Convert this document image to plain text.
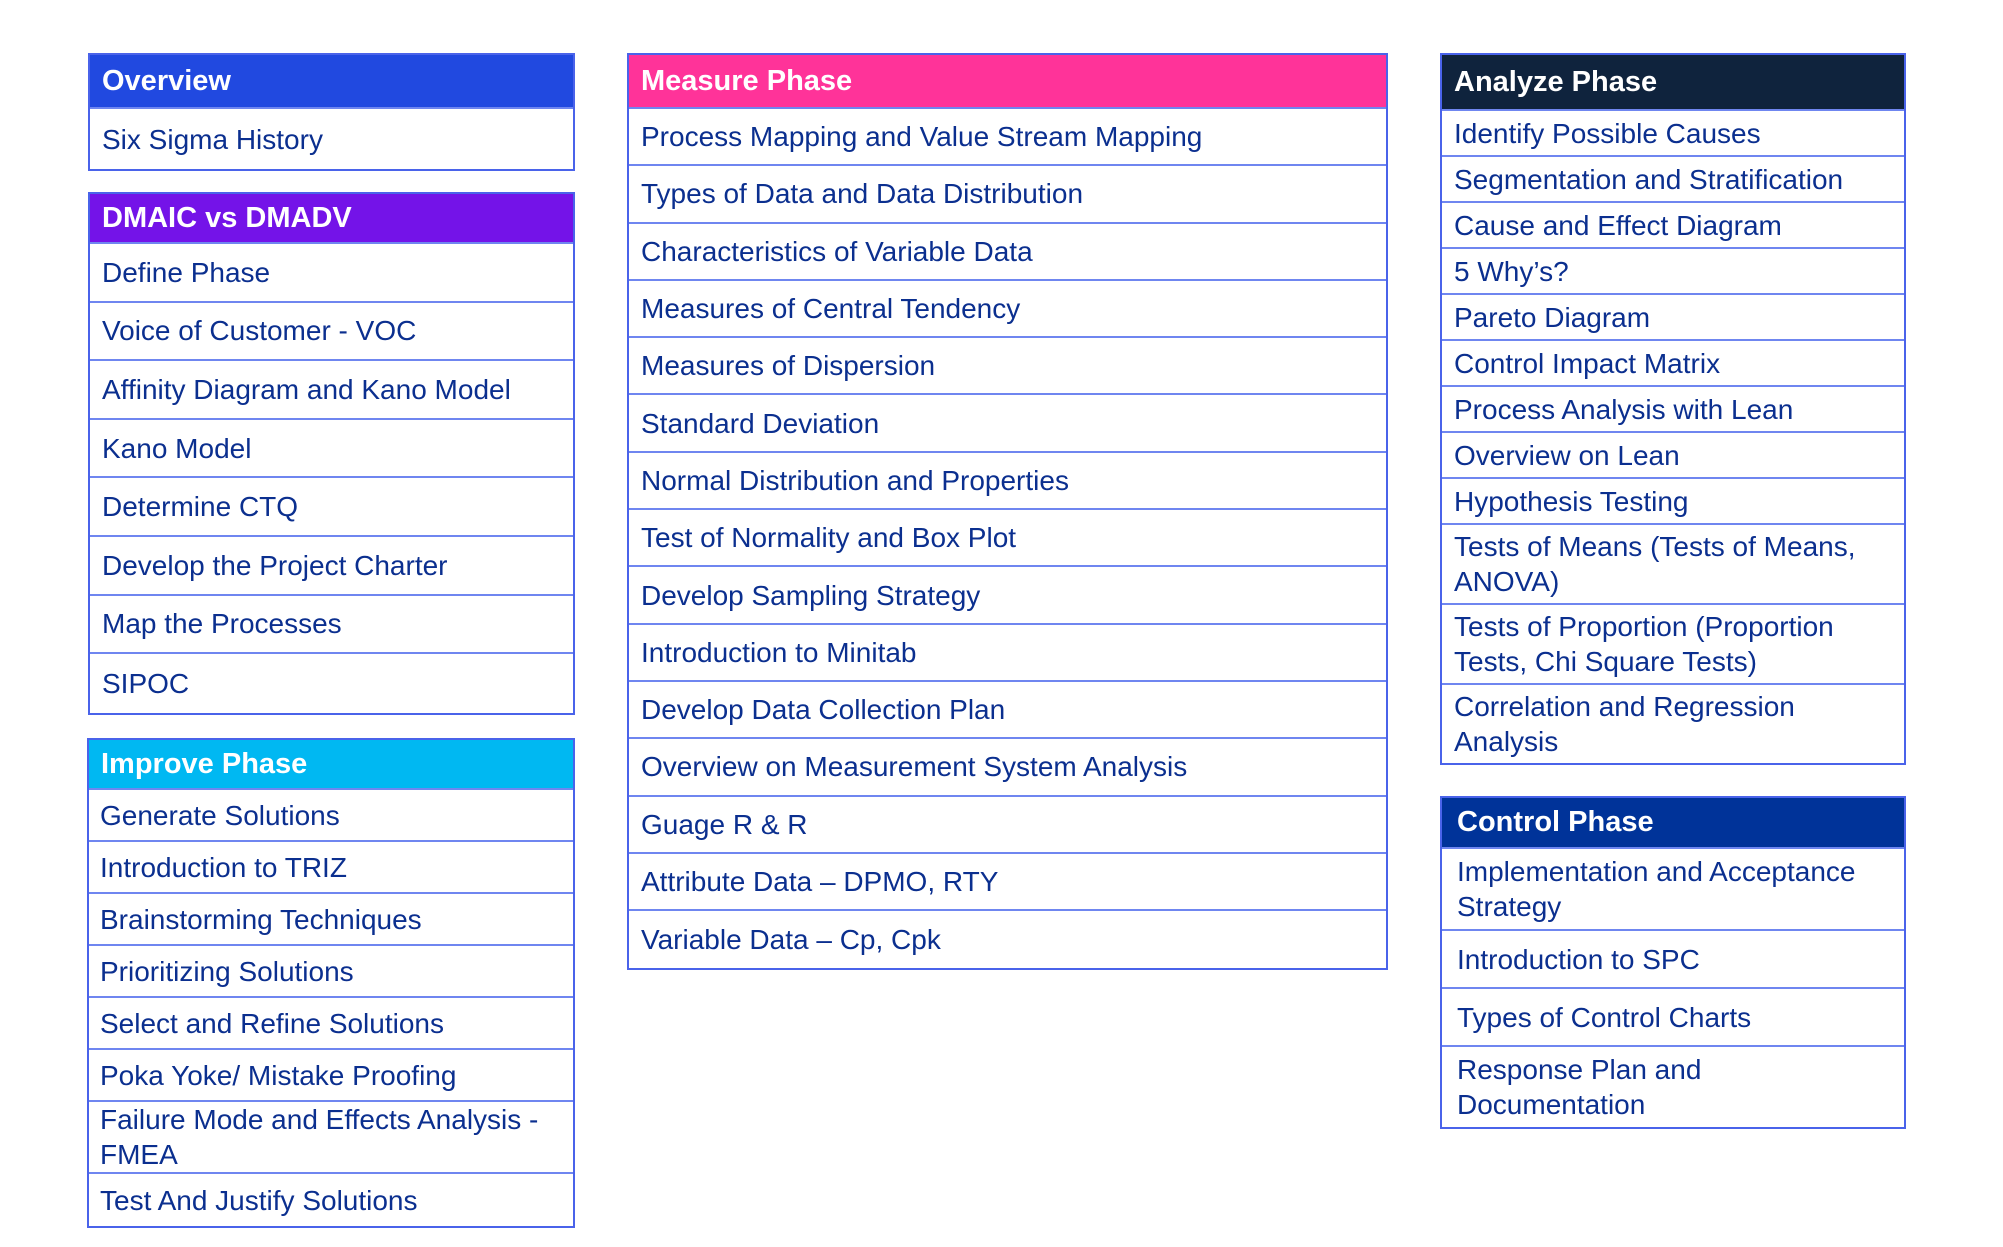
Overview
Six Sigma History
DMAIC vs DMADV
Define Phase
Voice of Customer - VOC
Affinity Diagram and Kano Model
Kano Model
Determine CTQ
Develop the Project Charter
Map the Processes
SIPOC
Improve Phase
Generate Solutions
Introduction to TRIZ
Brainstorming Techniques
Prioritizing Solutions
Select and Refine Solutions
Poka Yoke/ Mistake Proofing
Failure Mode and Effects Analysis - FMEA
Test And Justify Solutions
Measure Phase
Process Mapping and Value Stream Mapping
Types of Data and Data Distribution
Characteristics of Variable Data
Measures of Central Tendency
Measures of Dispersion
Standard Deviation
Normal Distribution and Properties
Test of Normality and Box Plot
Develop Sampling Strategy
Introduction to Minitab
Develop Data Collection Plan
Overview on Measurement System Analysis
Guage R & R
Attribute Data – DPMO, RTY
Variable Data – Cp, Cpk
Analyze Phase
Identify Possible Causes
Segmentation and Stratification
Cause and Effect Diagram
5 Why’s?
Pareto Diagram
Control Impact Matrix
Process Analysis with Lean
Overview on Lean
Hypothesis Testing
Tests of Means (Tests of Means, ANOVA)
Tests of Proportion (Proportion Tests, Chi Square Tests)
Correlation and Regression Analysis
Control Phase
Implementation and Acceptance Strategy
Introduction to SPC
Types of Control Charts
Response Plan and Documentation
